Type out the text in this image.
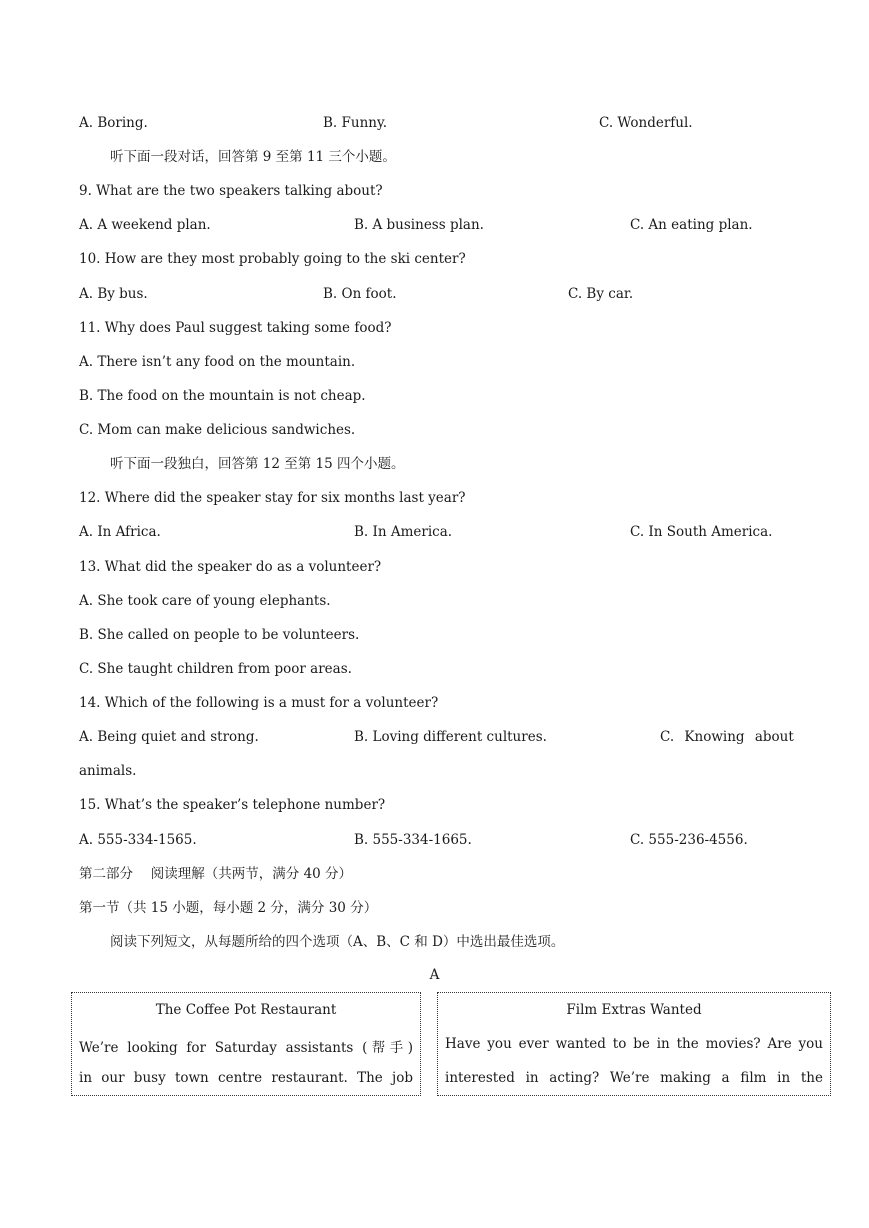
A. Boring.	B. Funny.	C. Wonderful.
听下面一段对话，回答第 9 至第 11 三个小题。
9. What are the two speakers talking about?
A. A weekend plan.	B. A business plan.	C. An eating plan.
10. How are they most probably going to the ski center?
A. By bus.	B. On foot.	C. By car.
11. Why does Paul suggest taking some food?
A. There isn’t any food on the mountain.
B. The food on the mountain is not cheap.
C. Mom can make delicious sandwiches.
听下面一段独白，回答第 12 至第 15 四个小题。
12. Where did the speaker stay for six months last year?
A. In Africa.	B. In America.	C. In South America.
13. What did the speaker do as a volunteer?
A. She took care of young elephants.
B. She called on people to be volunteers.
C. She taught children from poor areas.
14. Which of the following is a must for a volunteer?
A. Being quiet and strong.	B. Loving different cultures.	C. Knowing about
animals.
15. What’s the speaker’s telephone number?
A. 555-334-1565.	B. 555-334-1665.	C. 555-236-4556.
第二部分　 阅读理解（共两节，满分 40 分）
第一节（共 15 小题，每小题 2 分，满分 30 分）
阅读下列短文，从每题所给的四个选项（A、B、C 和 D）中选出最佳选项。
A
The Coffee Pot Restaurant
We’re looking for Saturday assistants (帮手)
in our busy town centre restaurant. The job
Film Extras Wanted
Have you ever wanted to be in the movies? Are you
interested in acting? We’re making a film in the
